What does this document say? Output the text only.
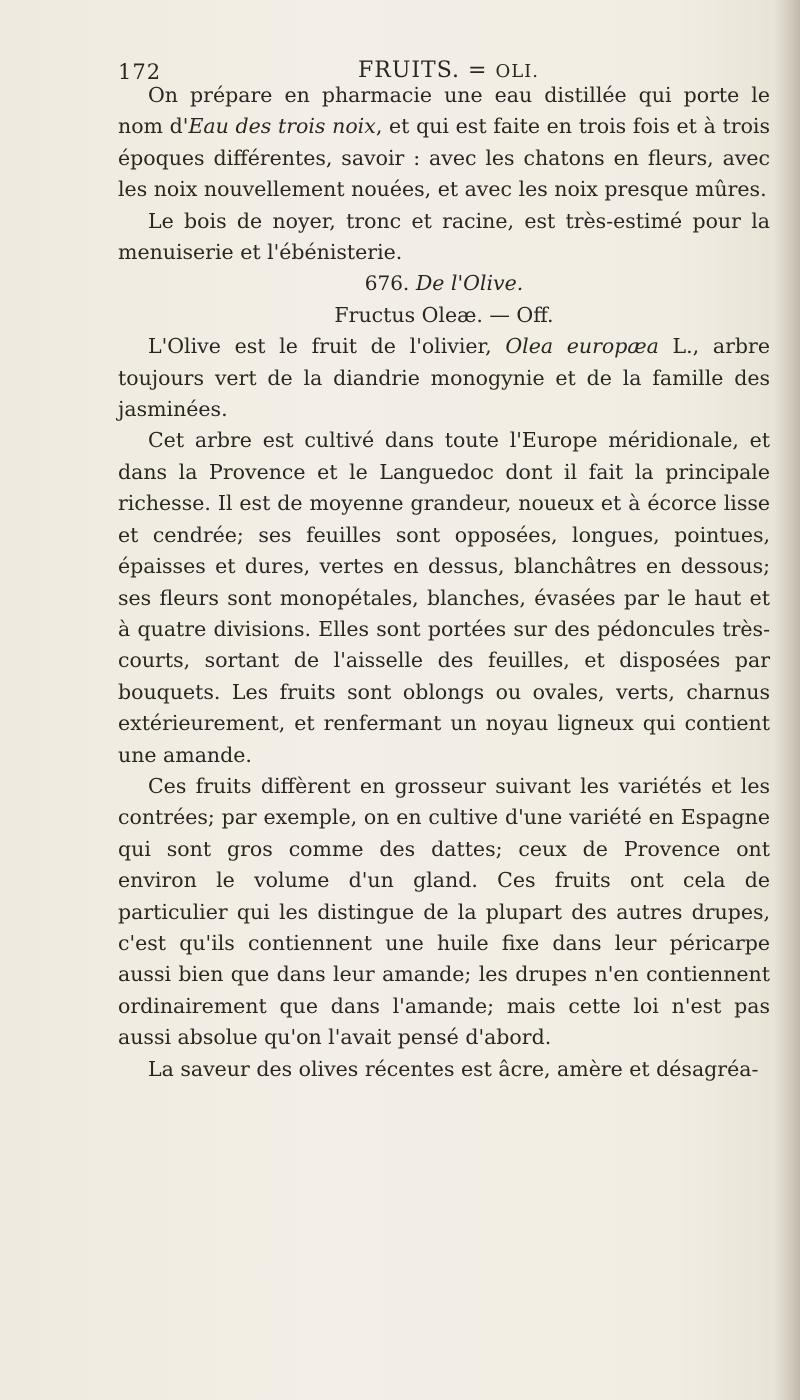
172	FRUITS. = OLI.

On prépare en pharmacie une eau distillée qui porte le nom d'Eau des trois noix, et qui est faite en trois fois et à trois époques différentes, savoir : avec les chatons en fleurs, avec les noix nouvellement nouées, et avec les noix presque mûres.

Le bois de noyer, tronc et racine, est très-estimé pour la menuiserie et l'ébénisterie.

676. De l'Olive.

Fructus Oleæ. — Off.

L'Olive est le fruit de l'olivier, Olea europæa L., arbre toujours vert de la diandrie monogynie et de la famille des jasminées.

Cet arbre est cultivé dans toute l'Europe méridionale, et dans la Provence et le Languedoc dont il fait la principale richesse. Il est de moyenne grandeur, noueux et à écorce lisse et cendrée; ses feuilles sont opposées, longues, pointues, épaisses et dures, vertes en dessus, blanchâtres en dessous; ses fleurs sont monopétales, blanches, évasées par le haut et à quatre divisions. Elles sont portées sur des pédoncules très-courts, sortant de l'aisselle des feuilles, et disposées par bouquets. Les fruits sont oblongs ou ovales, verts, charnus extérieurement, et renfermant un noyau ligneux qui contient une amande.

Ces fruits diffèrent en grosseur suivant les variétés et les contrées; par exemple, on en cultive d'une variété en Espagne qui sont gros comme des dattes; ceux de Provence ont environ le volume d'un gland. Ces fruits ont cela de particulier qui les distingue de la plupart des autres drupes, c'est qu'ils contiennent une huile fixe dans leur péricarpe aussi bien que dans leur amande; les drupes n'en contiennent ordinairement que dans l'amande; mais cette loi n'est pas aussi absolue qu'on l'avait pensé d'abord.

La saveur des olives récentes est âcre, amère et désagréa-
